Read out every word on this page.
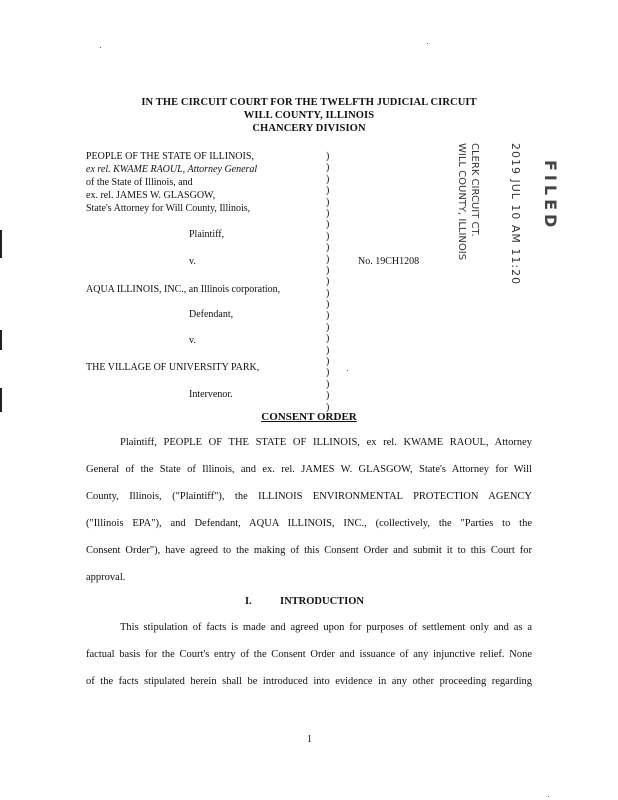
IN THE CIRCUIT COURT FOR THE TWELFTH JUDICIAL CIRCUIT
WILL COUNTY, ILLINOIS
CHANCERY DIVISION
PEOPLE OF THE STATE OF ILLINOIS,
ex rel. KWAME RAOUL, Attorney General
of the State of Illinois, and
ex. rel. JAMES W. GLASGOW,
State's Attorney for Will County, Illinois,
Plaintiff,
v.	No. 19CH1208
AQUA ILLINOIS, INC., an Illinois corporation,
Defendant,
v.
THE VILLAGE OF UNIVERSITY PARK,
Intervenor.
)
)
)
)
)
)
)
)
)
)
)
)
)
)
)
)
)
)
)
)
)
)
)
CLERK CIRCUIT CT.
WILL COUNTY, ILLINOIS	2019 JUL 10 AM 11:20 FILED
CONSENT ORDER
Plaintiff, PEOPLE OF THE STATE OF ILLINOIS, ex rel. KWAME RAOUL, Attorney
General of the State of Illinois, and ex. rel. JAMES W. GLASGOW, State's Attorney for Will
County, Illinois, ("Plaintiff"), the ILLINOIS ENVIRONMENTAL PROTECTION AGENCY
("Illinois EPA"), and Defendant, AQUA ILLINOIS, INC., (collectively, the "Parties to the
Consent Order"), have agreed to the making of this Consent Order and submit it to this Court for
approval.
I.	INTRODUCTION
This stipulation of facts is made and agreed upon for purposes of settlement only and as a
factual basis for the Court's entry of the Consent Order and issuance of any injunctive relief. None
of the facts stipulated herein shall be introduced into evidence in any other proceeding regarding
1
